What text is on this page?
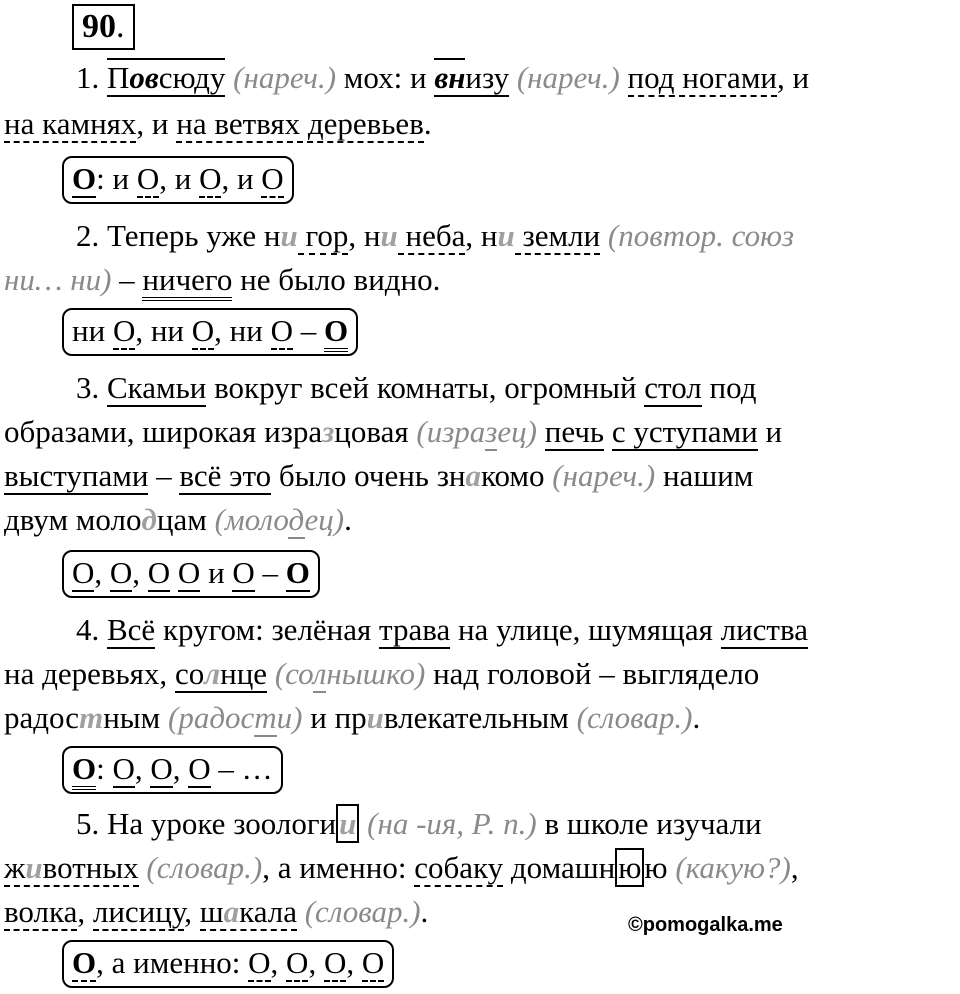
90.
1. Повсюду (нареч.) мох: и внизу (нареч.) под ногами, и
на камнях, и на ветвях деревьев.
О: и О, и О, и О
2. Теперь уже ни гор, ни неба, ни земли (повтор. союз
ни… ни) – ничего не было видно.
ни О, ни О, ни О – О
3. Скамьи вокруг всей комнаты, огромный стол под
образами, широкая изразцовая (изразец) печь с уступами и
выступами – всё это было очень знакомо (нареч.) нашим
двум молодцам (молодец).
О, О, О О и О – О
4. Всё кругом: зелёная трава на улице, шумящая листва
на деревьях, солнце (солнышко) над головой – выглядело
радостным (радости) и привлекательным (словар.).
О: О, О, О – …
5. На уроке зоологии (на -ия, Р. п.) в школе изучали
животных (словар.), а именно: собаку домашнюю (какую?),
волка, лисицу, шакала (словар.).
О, а именно: О, О, О, О
©pomogalka.me
